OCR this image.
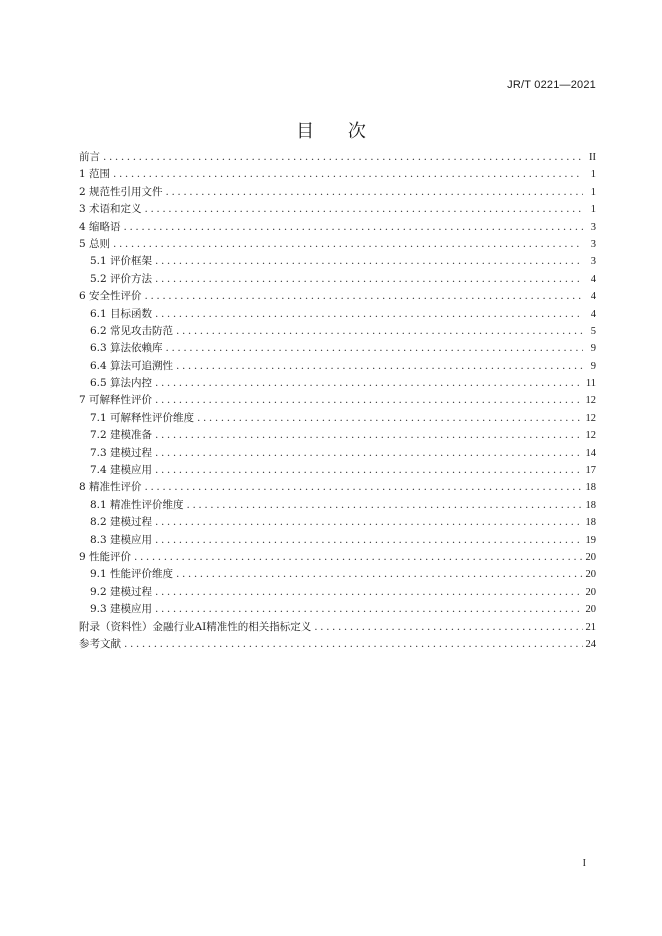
JR/T 0221—2021
目 次
前言 .....	II
1 范围 .....	1
2 规范性引用文件 .....	1
3 术语和定义 .....	1
4 缩略语 .....	3
5 总则 .....	3
5.1 评价框架 .....	3
5.2 评价方法 .....	4
6 安全性评价 .....	4
6.1 目标函数 .....	4
6.2 常见攻击防范 .....	5
6.3 算法依赖库 .....	9
6.4 算法可追溯性 .....	9
6.5 算法内控 .....	11
7 可解释性评价 .....	12
7.1 可解释性评价维度 .....	12
7.2 建模准备 .....	12
7.3 建模过程 .....	14
7.4 建模应用 .....	17
8 精准性评价 .....	18
8.1 精准性评价维度 .....	18
8.2 建模过程 .....	18
8.3 建模应用 .....	19
9 性能评价 .....	20
9.1 性能评价维度 .....	20
9.2 建模过程 .....	20
9.3 建模应用 .....	20
附录（资料性）金融行业AI精准性的相关指标定义 .....	21
参考文献 .....	24
I
